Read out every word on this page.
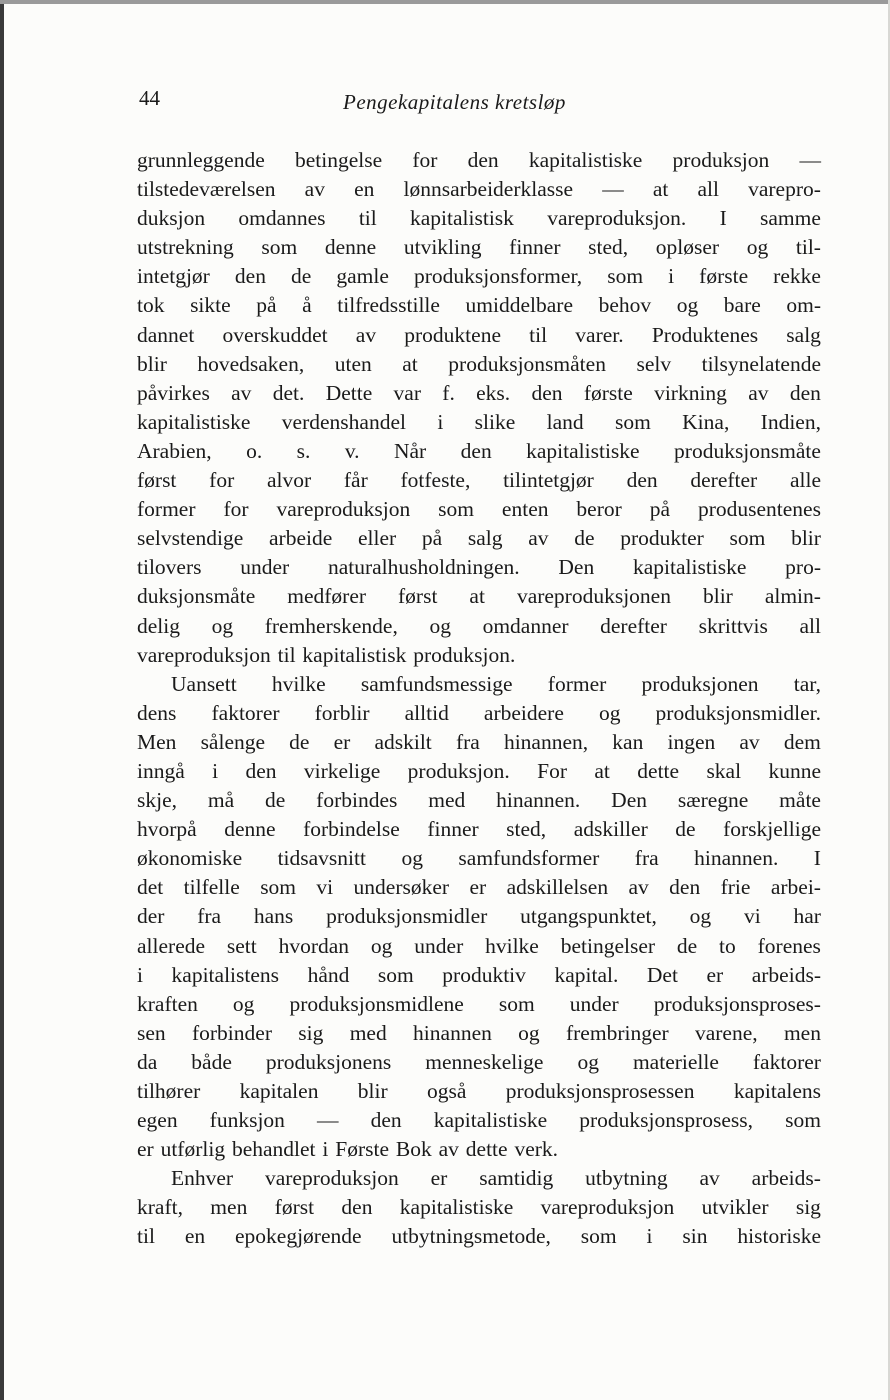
44	Pengekapitalens kretsløp
grunnleggende betingelse for den kapitalistiske produksjon —
tilstedeværelsen av en lønnsarbeiderklasse — at all varepro-
duksjon omdannes til kapitalistisk vareproduksjon. I samme
utstrekning som denne utvikling finner sted, opløser og til-
intetgjør den de gamle produksjonsformer, som i første rekke
tok sikte på å tilfredsstille umiddelbare behov og bare om-
dannet overskuddet av produktene til varer. Produktenes salg
blir hovedsaken, uten at produksjonsmåten selv tilsynelatende
påvirkes av det. Dette var f. eks. den første virkning av den
kapitalistiske verdenshandel i slike land som Kina, Indien,
Arabien, o. s. v. Når den kapitalistiske produksjonsmåte
først for alvor får fotfeste, tilintetgjør den derefter alle
former for vareproduksjon som enten beror på produsentenes
selvstendige arbeide eller på salg av de produkter som blir
tilovers under naturalhusholdningen. Den kapitalistiske pro-
duksjonsmåte medfører først at vareproduksjonen blir almin-
delig og fremherskende, og omdanner derefter skrittvis all
vareproduksjon til kapitalistisk produksjon.
Uansett hvilke samfundsmessige former produksjonen tar,
dens faktorer forblir alltid arbeidere og produksjonsmidler.
Men sålenge de er adskilt fra hinannen, kan ingen av dem
inngå i den virkelige produksjon. For at dette skal kunne
skje, må de forbindes med hinannen. Den særegne måte
hvorpå denne forbindelse finner sted, adskiller de forskjellige
økonomiske tidsavsnitt og samfundsformer fra hinannen. I
det tilfelle som vi undersøker er adskillelsen av den frie arbei-
der fra hans produksjonsmidler utgangspunktet, og vi har
allerede sett hvordan og under hvilke betingelser de to forenes
i kapitalistens hånd som produktiv kapital. Det er arbeids-
kraften og produksjonsmidlene som under produksjonsproses-
sen forbinder sig med hinannen og frembringer varene, men
da både produksjonens menneskelige og materielle faktorer
tilhører kapitalen blir også produksjonsprosessen kapitalens
egen funksjon — den kapitalistiske produksjonsprosess, som
er utførlig behandlet i Første Bok av dette verk.
Enhver vareproduksjon er samtidig utbytning av arbeids-
kraft, men først den kapitalistiske vareproduksjon utvikler sig
til en epokegjørende utbytningsmetode, som i sin historiske
